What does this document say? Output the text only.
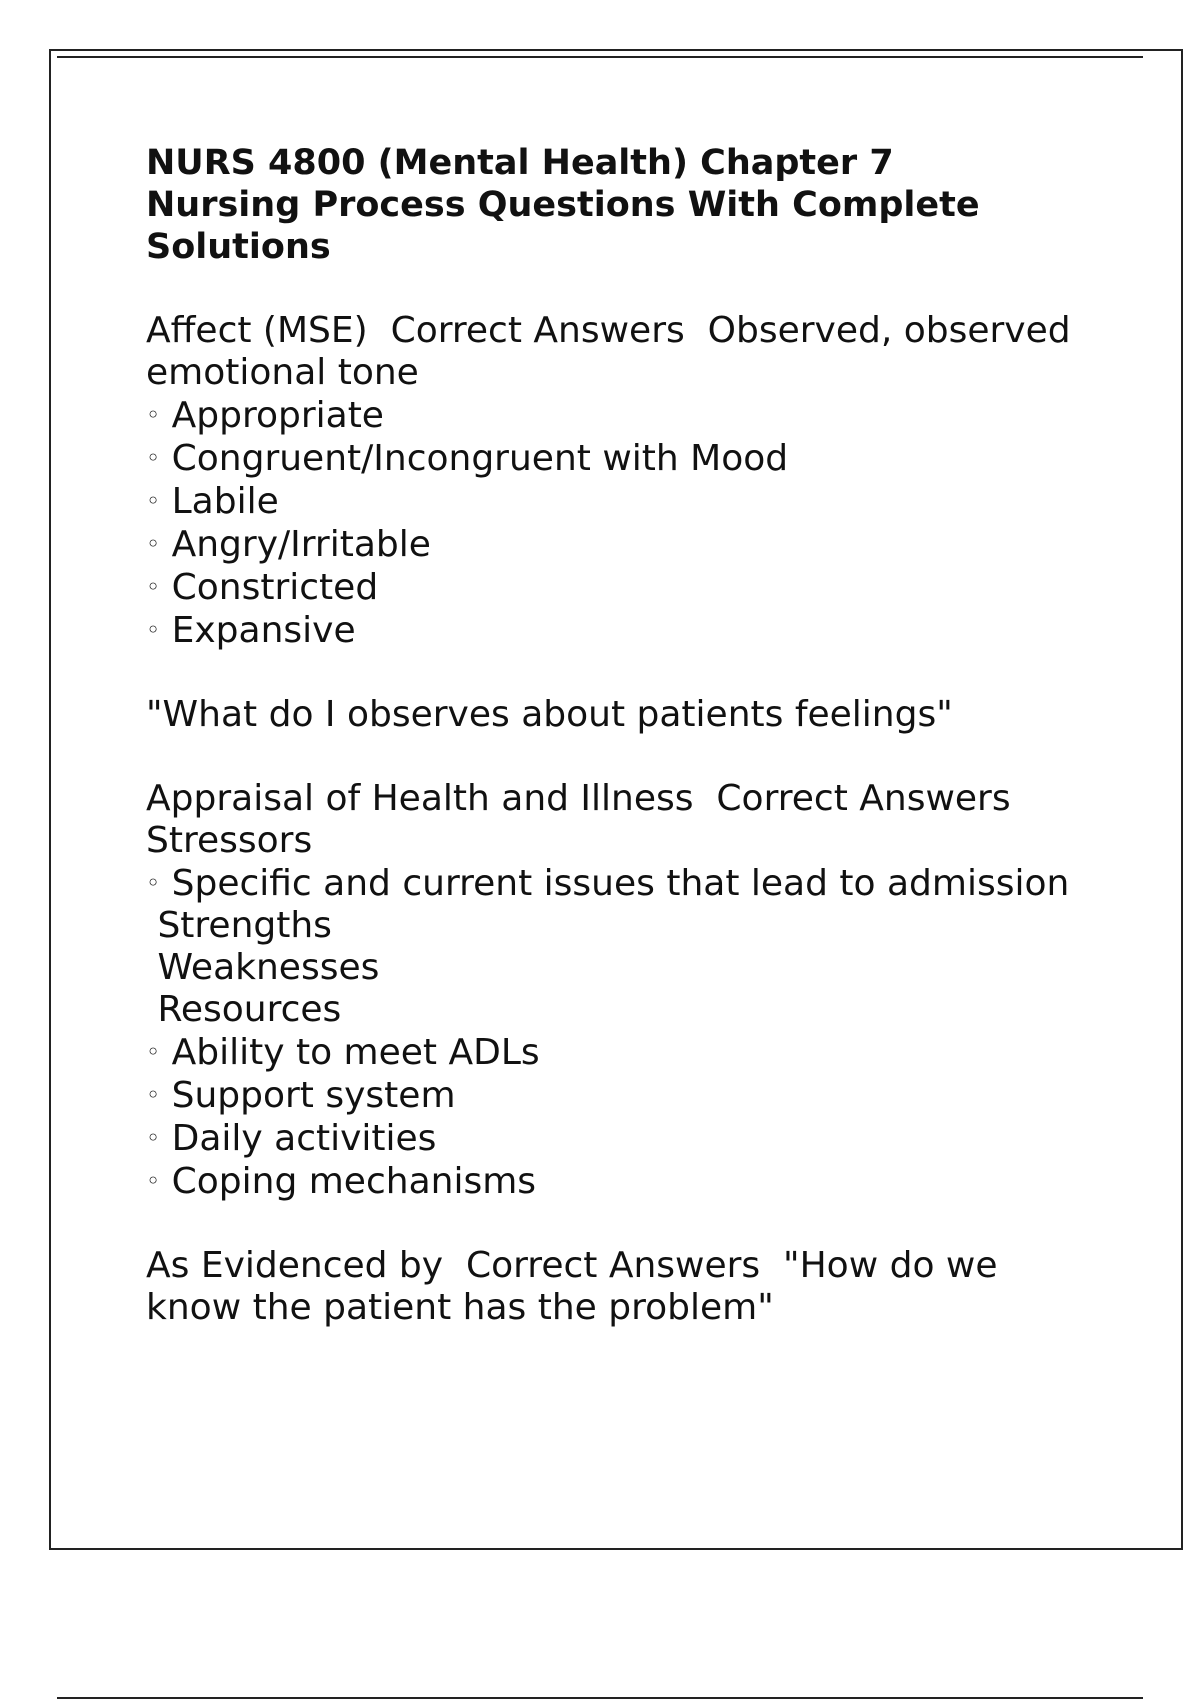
NURS 4800 (Mental Health) Chapter 7
Nursing Process Questions With Complete
Solutions
Affect (MSE)  Correct Answers  Observed, observed
emotional tone
◦ Appropriate
◦ Congruent/Incongruent with Mood
◦ Labile
◦ Angry/Irritable
◦ Constricted
◦ Expansive
"What do I observes about patients feelings"
Appraisal of Health and Illness  Correct Answers
Stressors
◦ Specific and current issues that lead to admission
Strengths
Weaknesses
Resources
◦ Ability to meet ADLs
◦ Support system
◦ Daily activities
◦ Coping mechanisms
As Evidenced by  Correct Answers  "How do we
know the patient has the problem"
